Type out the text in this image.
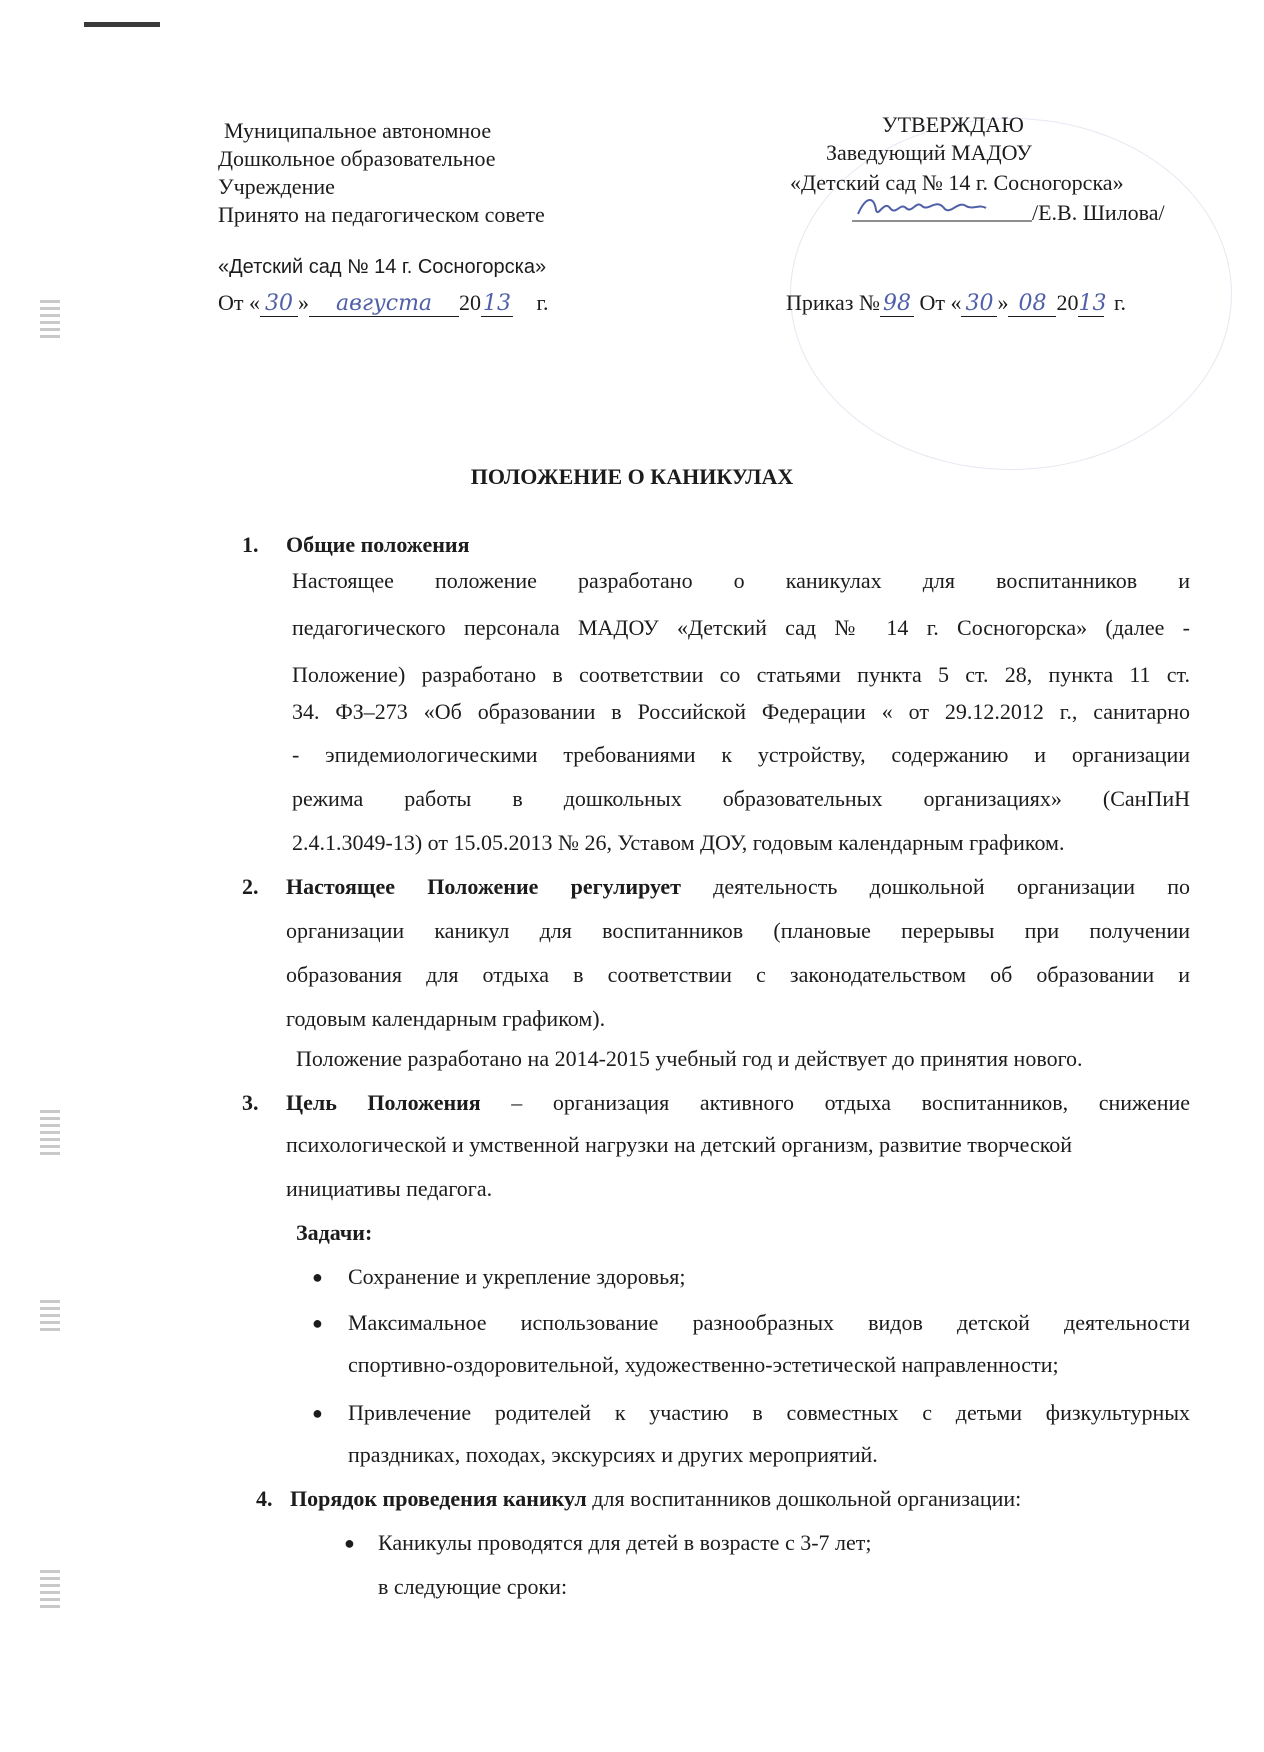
Муниципальное автономное
Дошкольное образовательное
Учреждение
Принято на педагогическом совете
«Детский сад № 14 г. Сосногорска»
От « 30 » августа 2013 г.
УТВЕРЖДАЮ
Заведующий МАДОУ
«Детский сад № 14 г. Сосногорска»
/Е.В. Шилова/
Приказ № 98 От « 30 » 08 2013 г.
ПОЛОЖЕНИЕ О КАНИКУЛАХ
1. Общие положения
Настоящее положение разработано о каникулах для воспитанников и
педагогического персонала МАДОУ «Детский сад № 14 г. Сосногорска» (далее -
Положение) разработано в соответствии со статьями пункта 5 ст. 28, пункта 11 ст.
34. ФЗ–273 «Об образовании в Российской Федерации « от 29.12.2012 г., санитарно
- эпидемиологическими требованиями к устройству, содержанию и организации
режима работы в дошкольных образовательных организациях» (СанПиН
2.4.1.3049-13) от 15.05.2013 № 26, Уставом ДОУ, годовым календарным графиком.
2. Настоящее Положение регулирует деятельность дошкольной организации по
организации каникул для воспитанников (плановые перерывы при получении
образования для отдыха в соответствии с законодательством об образовании и
годовым календарным графиком).
Положение разработано на 2014-2015 учебный год и действует до принятия нового.
3. Цель Положения – организация активного отдыха воспитанников, снижение
психологической и умственной нагрузки на детский организм, развитие творческой
инициативы педагога.
Задачи:
● Сохранение и укрепление здоровья;
● Максимальное использование разнообразных видов детской деятельности
спортивно-оздоровительной, художественно-эстетической направленности;
● Привлечение родителей к участию в совместных с детьми физкультурных
праздниках, походах, экскурсиях и других мероприятий.
4. Порядок проведения каникул для воспитанников дошкольной организации:
● Каникулы проводятся для детей в возрасте с 3-7 лет;
в следующие сроки:
